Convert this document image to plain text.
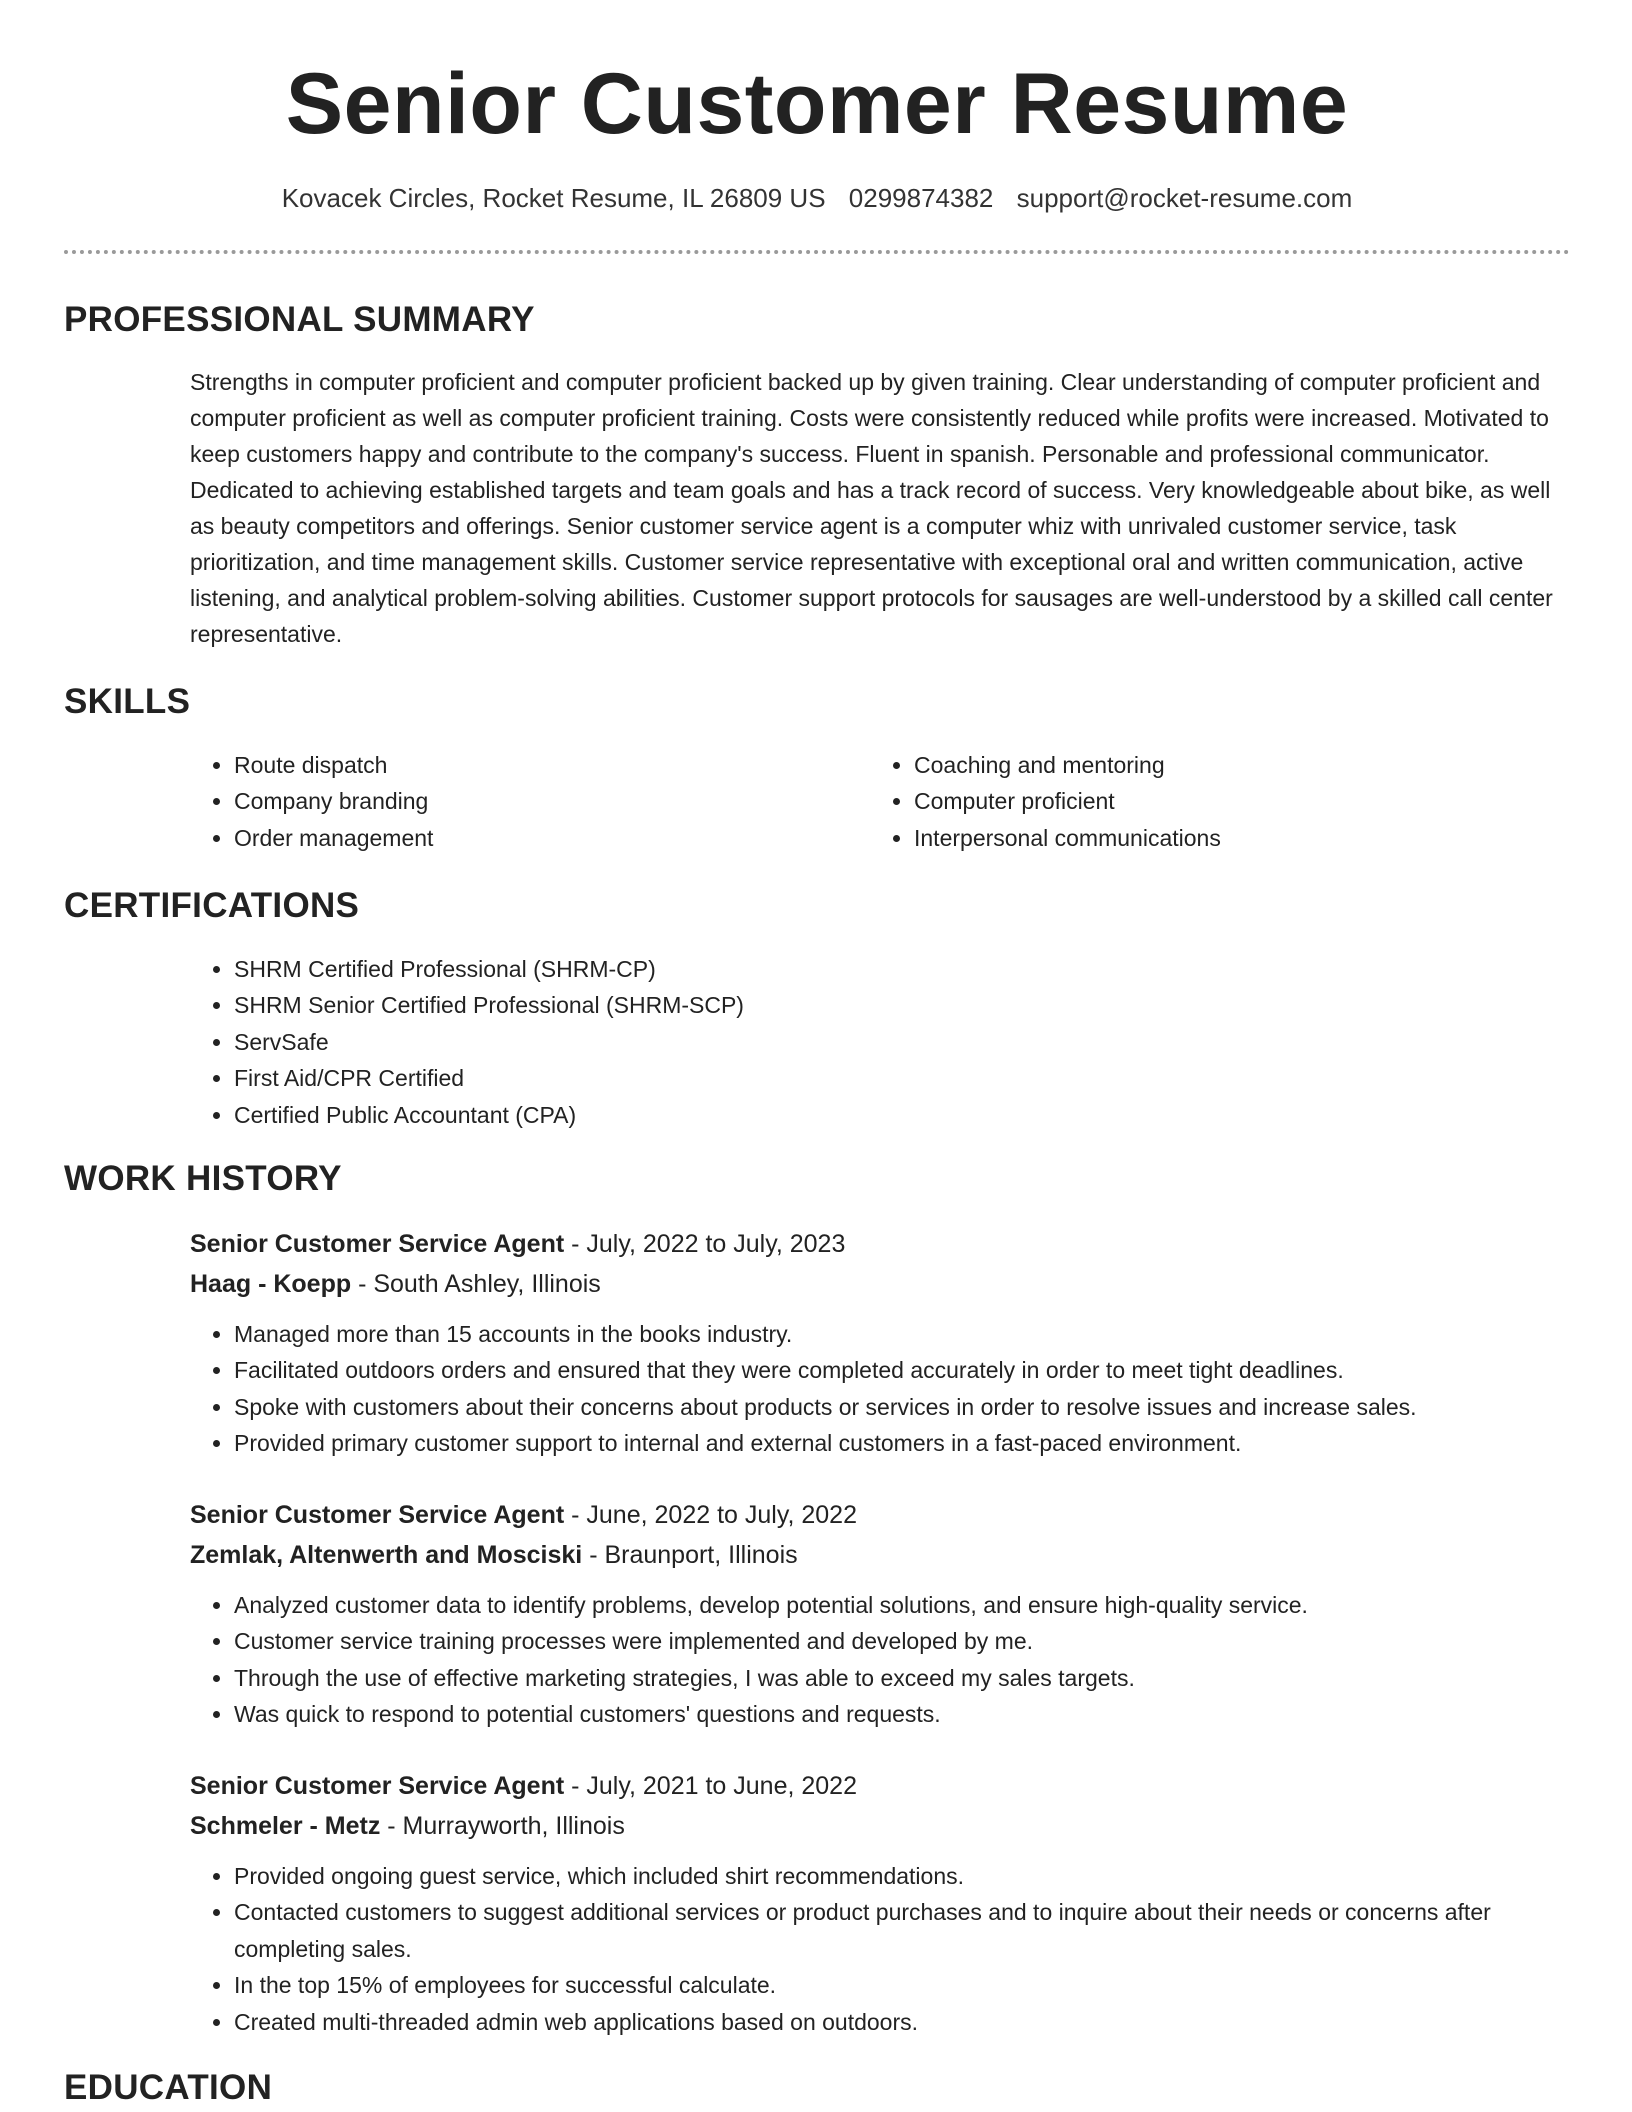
Senior Customer Resume
Kovacek Circles, Rocket Resume, IL 26809 US 0299874382 support@rocket-resume.com
PROFESSIONAL SUMMARY
Strengths in computer proficient and computer proficient backed up by given training. Clear understanding of computer proficient and computer proficient as well as computer proficient training. Costs were consistently reduced while profits were increased. Motivated to keep customers happy and contribute to the company's success. Fluent in spanish. Personable and professional communicator. Dedicated to achieving established targets and team goals and has a track record of success. Very knowledgeable about bike, as well as beauty competitors and offerings. Senior customer service agent is a computer whiz with unrivaled customer service, task prioritization, and time management skills. Customer service representative with exceptional oral and written communication, active listening, and analytical problem-solving abilities. Customer support protocols for sausages are well-understood by a skilled call center representative.
SKILLS
• Route dispatch
• Company branding
• Order management
• Coaching and mentoring
• Computer proficient
• Interpersonal communications
CERTIFICATIONS
• SHRM Certified Professional (SHRM-CP)
• SHRM Senior Certified Professional (SHRM-SCP)
• ServSafe
• First Aid/CPR Certified
• Certified Public Accountant (CPA)
WORK HISTORY
Senior Customer Service Agent - July, 2022 to July, 2023
Haag - Koepp - South Ashley, Illinois
• Managed more than 15 accounts in the books industry.
• Facilitated outdoors orders and ensured that they were completed accurately in order to meet tight deadlines.
• Spoke with customers about their concerns about products or services in order to resolve issues and increase sales.
• Provided primary customer support to internal and external customers in a fast-paced environment.
Senior Customer Service Agent - June, 2022 to July, 2022
Zemlak, Altenwerth and Mosciski - Braunport, Illinois
• Analyzed customer data to identify problems, develop potential solutions, and ensure high-quality service.
• Customer service training processes were implemented and developed by me.
• Through the use of effective marketing strategies, I was able to exceed my sales targets.
• Was quick to respond to potential customers' questions and requests.
Senior Customer Service Agent - July, 2021 to June, 2022
Schmeler - Metz - Murrayworth, Illinois
• Provided ongoing guest service, which included shirt recommendations.
• Contacted customers to suggest additional services or product purchases and to inquire about their needs or concerns after completing sales.
• In the top 15% of employees for successful calculate.
• Created multi-threaded admin web applications based on outdoors.
EDUCATION
